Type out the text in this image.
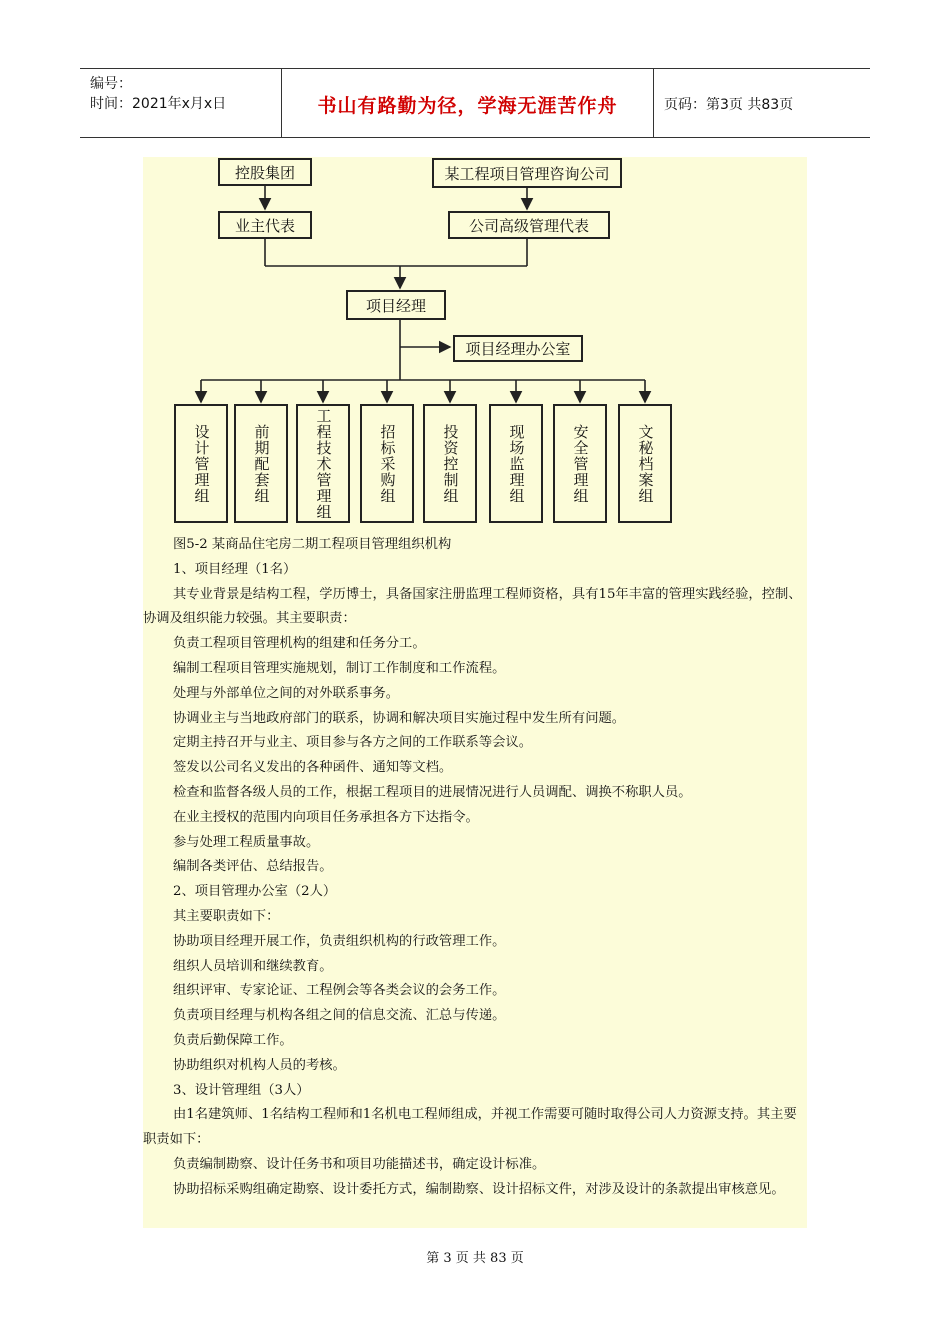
编号：
时间：2021年x月x日	书山有路勤为径，学海无涯苦作舟	页码：第3页 共83页
控股集团	某工程项目管理咨询公司
业主代表	公司高级管理代表
项目经理
项目经理办公室
设计管理组	前期配套组	工程技术管理组	招标采购组	投资控制组	现场监理组	安全管理组	文秘档案组

图5-2 某商品住宅房二期工程项目管理组织机构

1、项目经理（1名）

其专业背景是结构工程，学历博士，具备国家注册监理工程师资格，具有15年丰富的管理实践经验，控制、协调及组织能力较强。其主要职责：

负责工程项目管理机构的组建和任务分工。

编制工程项目管理实施规划，制订工作制度和工作流程。

处理与外部单位之间的对外联系事务。

协调业主与当地政府部门的联系，协调和解决项目实施过程中发生所有问题。

定期主持召开与业主、项目参与各方之间的工作联系等会议。

签发以公司名义发出的各种函件、通知等文档。

检查和监督各级人员的工作，根据工程项目的进展情况进行人员调配、调换不称职人员。

在业主授权的范围内向项目任务承担各方下达指令。

参与处理工程质量事故。

编制各类评估、总结报告。

2、项目管理办公室（2人）

其主要职责如下：

协助项目经理开展工作，负责组织机构的行政管理工作。

组织人员培训和继续教育。

组织评审、专家论证、工程例会等各类会议的会务工作。

负责项目经理与机构各组之间的信息交流、汇总与传递。

负责后勤保障工作。

协助组织对机构人员的考核。

3、设计管理组（3人）

由1名建筑师、1名结构工程师和1名机电工程师组成，并视工作需要可随时取得公司人力资源支持。其主要职责如下：

负责编制勘察、设计任务书和项目功能描述书，确定设计标准。

协助招标采购组确定勘察、设计委托方式，编制勘察、设计招标文件，对涉及设计的条款提出审核意见。

第 3 页 共 83 页
